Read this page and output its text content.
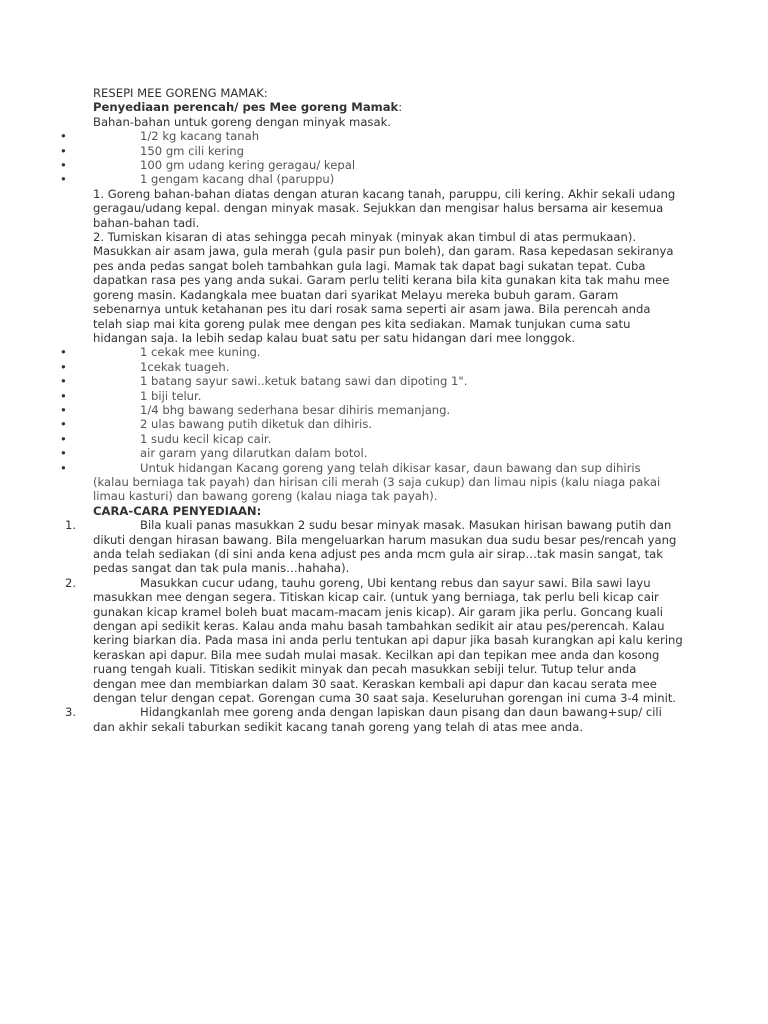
RESEPI MEE GORENG MAMAK:
Penyediaan perencah/ pes Mee goreng Mamak:
Bahan-bahan untuk goreng dengan minyak masak.
•	1/2 kg kacang tanah
•	150 gm cili kering
•	100 gm udang kering geragau/ kepal
•	1 gengam kacang dhal (paruppu)
1. Goreng bahan-bahan diatas dengan aturan kacang tanah, paruppu, cili kering. Akhir sekali udang geragau/udang kepal. dengan minyak masak. Sejukkan dan mengisar halus bersama air kesemua bahan-bahan tadi.
2. Tumiskan kisaran di atas sehingga pecah minyak (minyak akan timbul di atas permukaan). Masukkan air asam jawa, gula merah (gula pasir pun boleh), dan garam. Rasa kepedasan sekiranya pes anda pedas sangat boleh tambahkan gula lagi. Mamak tak dapat bagi sukatan tepat. Cuba dapatkan rasa pes yang anda sukai. Garam perlu teliti kerana bila kita gunakan kita tak mahu mee goreng masin. Kadangkala mee buatan dari syarikat Melayu mereka bubuh garam. Garam sebenarnya untuk ketahanan pes itu dari rosak sama seperti air asam jawa. Bila perencah anda telah siap mai kita goreng pulak mee dengan pes kita sediakan. Mamak tunjukan cuma satu hidangan saja. Ia lebih sedap kalau buat satu per satu hidangan dari mee longgok.
•	1 cekak mee kuning.
•	1cekak tuageh.
•	1 batang sayur sawi..ketuk batang sawi dan dipoting 1".
•	1 biji telur.
•	1/4 bhg bawang sederhana besar dihiris memanjang.
•	2 ulas bawang putih diketuk dan dihiris.
•	1 sudu kecil kicap cair.
•	air garam yang dilarutkan dalam botol.
•	Untuk hidangan Kacang goreng yang telah dikisar kasar, daun bawang dan sup dihiris
(kalau berniaga tak payah) dan hirisan cili merah (3 saja cukup) dan limau nipis (kalu niaga pakai limau kasturi) dan bawang goreng (kalau niaga tak payah).
CARA-CARA PENYEDIAAN:
1.	Bila kuali panas masukkan 2 sudu besar minyak masak. Masukan hirisan bawang putih dan
dikuti dengan hirasan bawang. Bila mengeluarkan harum masukan dua sudu besar pes/rencah yang anda telah sediakan (di sini anda kena adjust pes anda mcm gula air sirap…tak masin sangat, tak pedas sangat dan tak pula manis…hahaha).
2.	Masukkan cucur udang, tauhu goreng, Ubi kentang rebus dan sayur sawi. Bila sawi layu
masukkan mee dengan segera. Titiskan kicap cair. (untuk yang berniaga, tak perlu beli kicap cair gunakan kicap kramel boleh buat macam-macam jenis kicap). Air garam jika perlu. Goncang kuali dengan api sedikit keras. Kalau anda mahu basah tambahkan sedikit air atau pes/perencah. Kalau kering biarkan dia. Pada masa ini anda perlu tentukan api dapur jika basah kurangkan api kalu kering keraskan api dapur. Bila mee sudah mulai masak. Kecilkan api dan tepikan mee anda dan kosong ruang tengah kuali. Titiskan sedikit minyak dan pecah masukkan sebiji telur. Tutup telur anda dengan mee dan membiarkan dalam 30 saat. Keraskan kembali api dapur dan kacau serata mee dengan telur dengan cepat. Gorengan cuma 30 saat saja. Keseluruhan gorengan ini cuma 3-4 minit.
3.	Hidangkanlah mee goreng anda dengan lapiskan daun pisang dan daun bawang+sup/ cili
dan akhir sekali taburkan sedikit kacang tanah goreng yang telah di atas mee anda.
